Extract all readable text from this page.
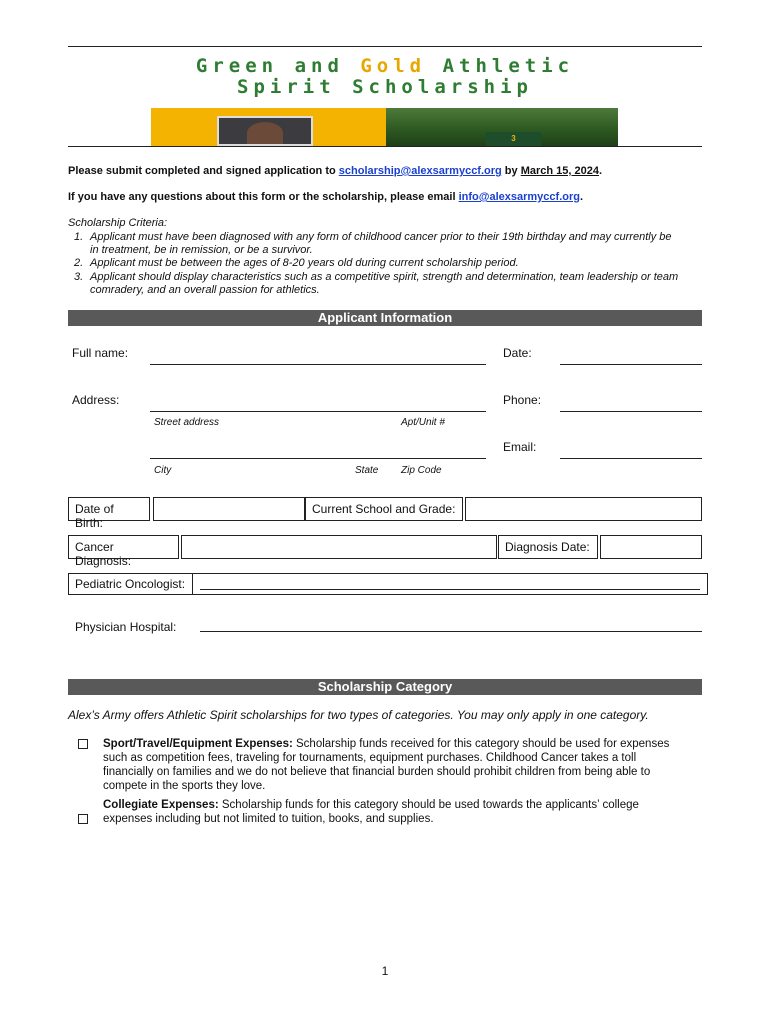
Green and Gold Athletic
Spirit Scholarship
3
Please submit completed and signed application to scholarship@alexsarmyccf.org by March 15, 2024.
If you have any questions about this form or the scholarship, please email info@alexsarmyccf.org.
Scholarship Criteria:
1. Applicant must have been diagnosed with any form of childhood cancer prior to their 19th birthday and may currently be
in treatment, be in remission, or be a survivor.
2. Applicant must be between the ages of 8-20 years old during current scholarship period.
3. Applicant should display characteristics such as a competitive spirit, strength and determination, team leadership or team
comradery, and an overall passion for athletics.
Applicant Information
Full name:	Date:
Address:	Phone:
Street address	Apt/Unit #
Email:
City	State Zip Code
Date of Birth:
Current School and Grade:
Cancer Diagnosis:
Diagnosis Date:
Pediatric Oncologist:
Physician Hospital:
Scholarship Category
Alex’s Army offers Athletic Spirit scholarships for two types of categories. You may only apply in one category.
Sport/Travel/Equipment Expenses: Scholarship funds received for this category should be used for expenses
such as competition fees, traveling for tournaments, equipment purchases. Childhood Cancer takes a toll
financially on families and we do not believe that financial burden should prohibit children from being able to
compete in the sports they love.
Collegiate Expenses: Scholarship funds for this category should be used towards the applicants’ college
expenses including but not limited to tuition, books, and supplies.
1
